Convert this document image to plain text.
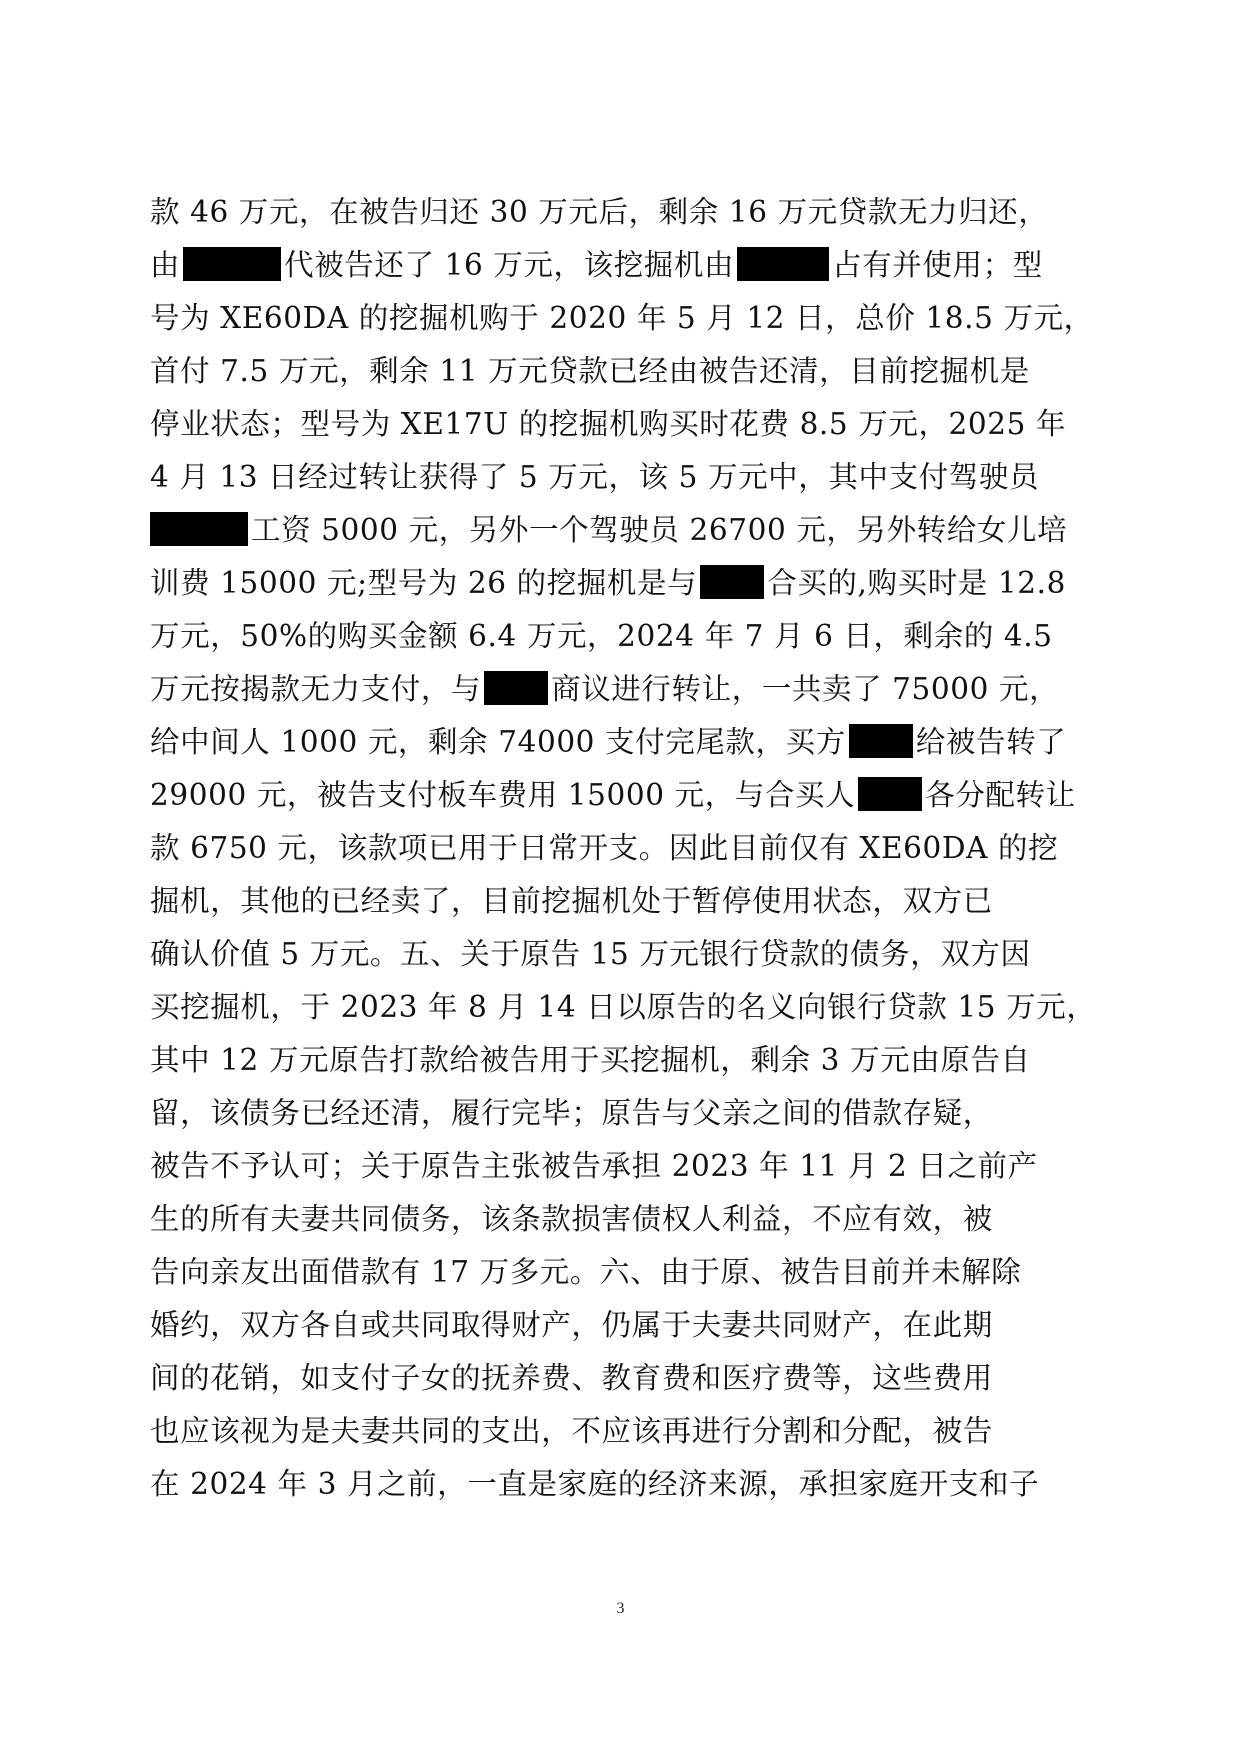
款 46 万元，在被告归还 30 万元后，剩余 16 万元贷款无力归还，
由	代被告还了 16 万元，该挖掘机由	占有并使用；型
号为 XE60DA 的挖掘机购于 2020 年 5 月 12 日，总价 18.5 万元，
首付 7.5 万元，剩余 11 万元贷款已经由被告还清，目前挖掘机是
停业状态；型号为 XE17U 的挖掘机购买时花费 8.5 万元，2025 年
4 月 13 日经过转让获得了 5 万元，该 5 万元中，其中支付驾驶员
工资 5000 元，另外一个驾驶员 26700 元，另外转给女儿培
训费 15000 元;型号为 26 的挖掘机是与 合买的,购买时是 12.8
万元，50%的购买金额 6.4 万元，2024 年 7 月 6 日，剩余的 4.5
万元按揭款无力支付，与 商议进行转让，一共卖了 75000 元，
给中间人 1000 元，剩余 74000 支付完尾款，买方 给被告转了
29000 元，被告支付板车费用 15000 元，与合买人 各分配转让
款 6750 元，该款项已用于日常开支。因此目前仅有 XE60DA 的挖
掘机，其他的已经卖了，目前挖掘机处于暂停使用状态，双方已
确认价值 5 万元。五、关于原告 15 万元银行贷款的债务，双方因
买挖掘机，于 2023 年 8 月 14 日以原告的名义向银行贷款 15 万元，
其中 12 万元原告打款给被告用于买挖掘机，剩余 3 万元由原告自
留，该债务已经还清，履行完毕；原告与父亲之间的借款存疑，
被告不予认可；关于原告主张被告承担 2023 年 11 月 2 日之前产
生的所有夫妻共同债务，该条款损害债权人利益，不应有效，被
告向亲友出面借款有 17 万多元。六、由于原、被告目前并未解除
婚约，双方各自或共同取得财产，仍属于夫妻共同财产，在此期
间的花销，如支付子女的抚养费、教育费和医疗费等，这些费用
也应该视为是夫妻共同的支出，不应该再进行分割和分配，被告
在 2024 年 3 月之前，一直是家庭的经济来源，承担家庭开支和子
3
